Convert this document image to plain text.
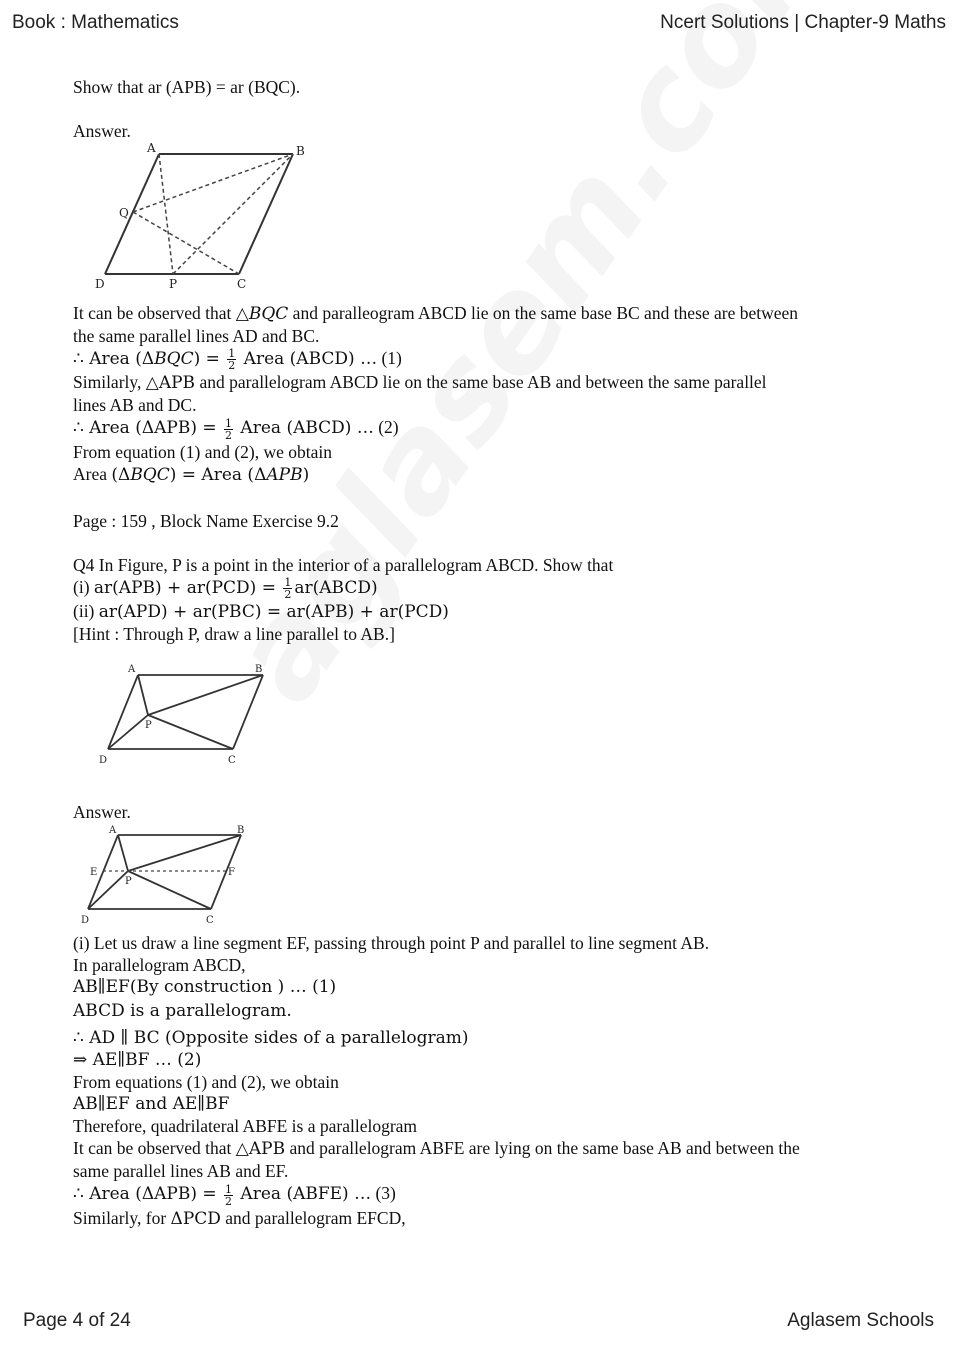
Book : Mathematics	Ncert Solutions | Chapter-9 Maths

Show that ar (APB) = ar (BQC).

Answer.

A	B
Q
D	P	C

It can be observed that △BQC and paralleogram ABCD lie on the same base BC and these are between

the same parallel lines AD and BC.

∴ Area $(\Delta BQC) = \frac{1}{2}$ Area (ABCD) … (1)

Similarly, △APB and parallelogram ABCD lie on the same base AB and between the same parallel

lines AB and DC.

∴ Area $(\Delta APB) = \frac{1}{2}$ Area (ABCD) … (2)

From equation (1) and (2), we obtain

Area (ΔBQC) = Area (ΔAPB)

Page : 159 , Block Name Exercise 9.2

Q4 In Figure, P is a point in the interior of a parallelogram ABCD. Show that

(i) $ar(APB) + ar(PCD) = \frac{1}{2}$ ar(ABCD)

(ii) ar(APD) + ar(PBC) = ar(APB) + ar(PCD)

[Hint : Through P, draw a line parallel to AB.]

A	B
P
D	C

Answer.

A	B
E	F
P
D	C

(i) Let us draw a line segment EF, passing through point P and parallel to line segment AB.

In parallelogram ABCD,

AB∥EF(By construction ) … (1)

ABCD is a parallelogram.

∴ AD ∥ BC (Opposite sides of a parallelogram)

⇒ AE∥BF … (2)

From equations (1) and (2), we obtain

AB∥EF and AE∥BF

Therefore, quadrilateral ABFE is a parallelogram

It can be observed that △APB and parallelogram ABFE are lying on the same base AB and between the

same parallel lines AB and EF.

∴ Area $(\Delta APB) = \frac{1}{2}$ Area (ABFE) … (3)

Similarly, for ΔPCD and parallelogram EFCD,

Page 4 of 24	Aglasem Schools
